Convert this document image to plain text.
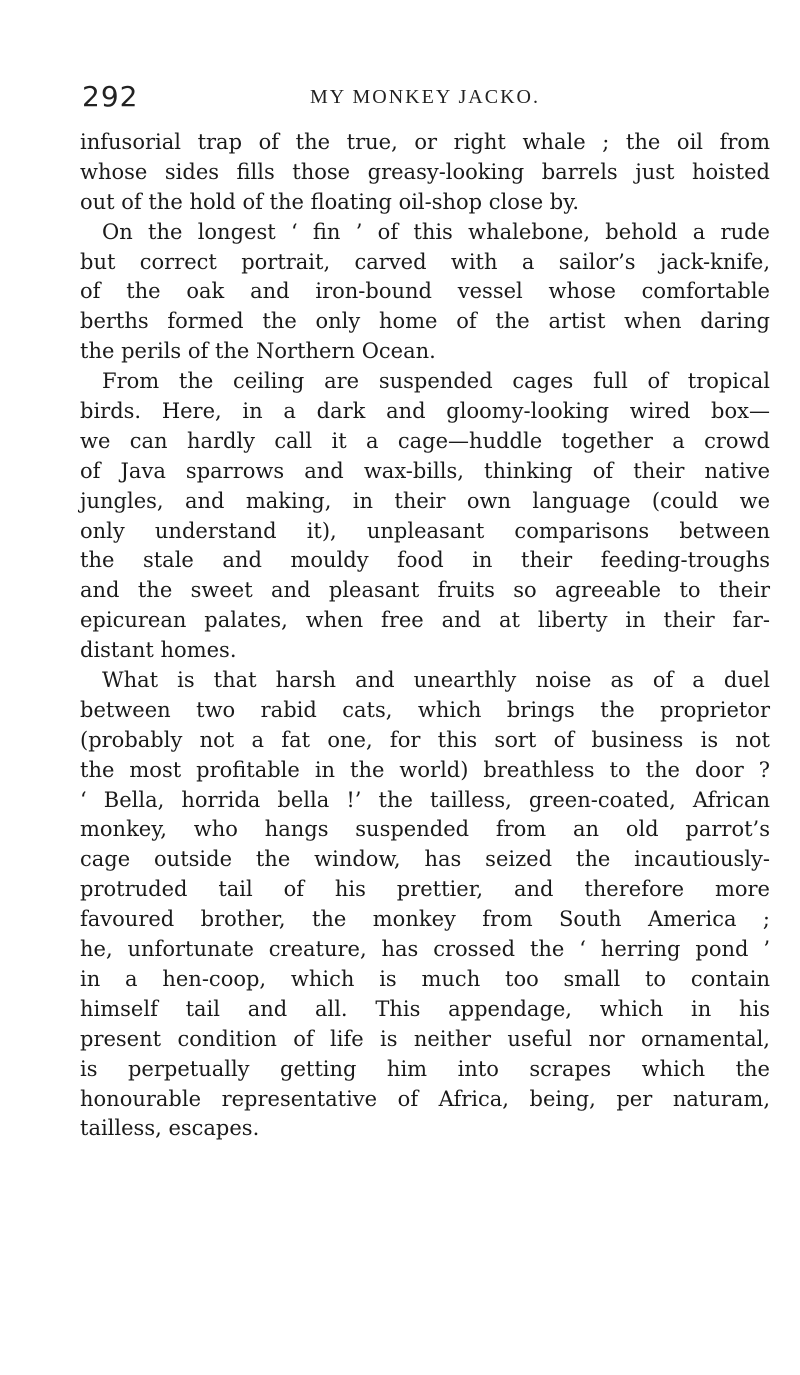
292	MY MONKEY JACKO.
infusorial trap of the true, or right whale ; the oil from
whose sides fills those greasy-looking barrels just hoisted
out of the hold of the floating oil-shop close by.
On the longest ‘ fin ’ of this whalebone, behold a rude
but correct portrait, carved with a sailor’s jack-knife,
of the oak and iron-bound vessel whose comfortable
berths formed the only home of the artist when daring
the perils of the Northern Ocean.
From the ceiling are suspended cages full of tropical
birds. Here, in a dark and gloomy-looking wired box—
we can hardly call it a cage—huddle together a crowd
of Java sparrows and wax-bills, thinking of their native
jungles, and making, in their own language (could we
only understand it), unpleasant comparisons between
the stale and mouldy food in their feeding-troughs
and the sweet and pleasant fruits so agreeable to their
epicurean palates, when free and at liberty in their far-
distant homes.
What is that harsh and unearthly noise as of a duel
between two rabid cats, which brings the proprietor
(probably not a fat one, for this sort of business is not
the most profitable in the world) breathless to the door ?
‘ Bella, horrida bella !’ the tailless, green-coated, African
monkey, who hangs suspended from an old parrot’s
cage outside the window, has seized the incautiously-
protruded tail of his prettier, and therefore more
favoured brother, the monkey from South America ;
he, unfortunate creature, has crossed the ‘ herring pond ’
in a hen-coop, which is much too small to contain
himself tail and all. This appendage, which in his
present condition of life is neither useful nor ornamental,
is perpetually getting him into scrapes which the
honourable representative of Africa, being, per naturam,
tailless, escapes.
